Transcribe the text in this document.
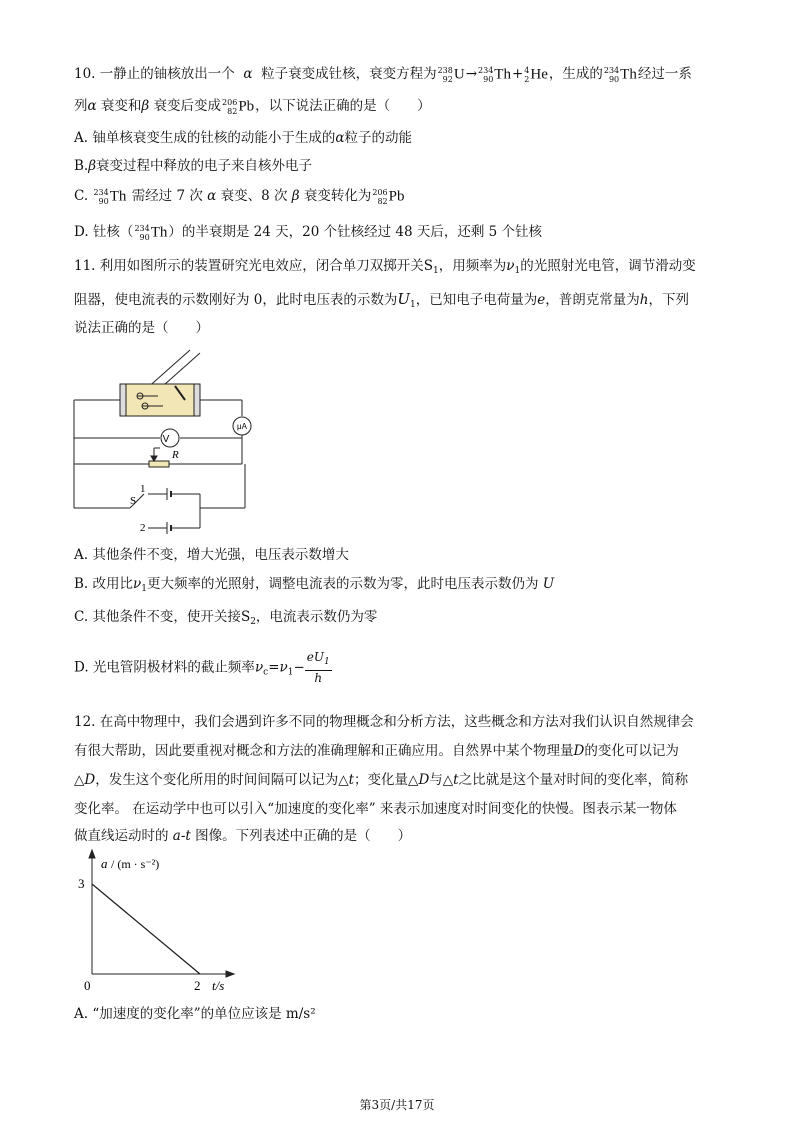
10. 一静止的铀核放出一个 α 粒子衰变成钍核，衰变方程为 238
92 U→ 234
90 Th+ 4
2 He，生成的 234
90 Th经过一系
列α 衰变和β 衰变后变成 206
82 Pb，以下说法正确的是（　　）
A. 铀单核衰变生成的钍核的动能小于生成的α粒子的动能
B.β衰变过程中释放的电子来自核外电子
C. 234
90 Th 需经过 7 次 α 衰变、8 次 β 衰变转化为 206
82 Pb
D. 钍核（ 234
90 Th）的半衰期是 24 天，20 个钍核经过 48 天后，还剩 5 个钍核
11. 利用如图所示的装置研究光电效应，闭合单刀双掷开关$S_1$，用频率为$\nu_1$的光照射光电管，调节滑动变
阻器，使电流表的示数刚好为 0，此时电压表的示数为$U_1$，已知电子电荷量为e，普朗克常量为h，下列
说法正确的是（　　）
V
μA
R
S
1
2
A. 其他条件不变，增大光强，电压表示数增大
B. 改用比$\nu_1$更大频率的光照射，调整电流表的示数为零，此时电压表示数仍为 U
C. 其他条件不变，使开关接$S_2$，电流表示数仍为零
D. 光电管阴极材料的截止频率$\nu_c=\nu_1- \frac{eU_1}{h}$
12. 在高中物理中，我们会遇到许多不同的物理概念和分析方法，这些概念和方法对我们认识自然规律会
有很大帮助，因此要重视对概念和方法的准确理解和正确应用。自然界中某个物理量D的变化可以记为
△D，发生这个变化所用的时间间隔可以记为△t；变化量△D与△t之比就是这个量对时间的变化率，简称
变化率。 在运动学中也可以引入“加速度的变化率” 来表示加速度对时间变化的快慢。图表示某一物体
做直线运动时的 a-t 图像。下列表述中正确的是（　　）
a / (m · s⁻²)
3
0	2 t/s
A. “加速度的变化率”的单位应该是 m/s²
第3页/共17页
